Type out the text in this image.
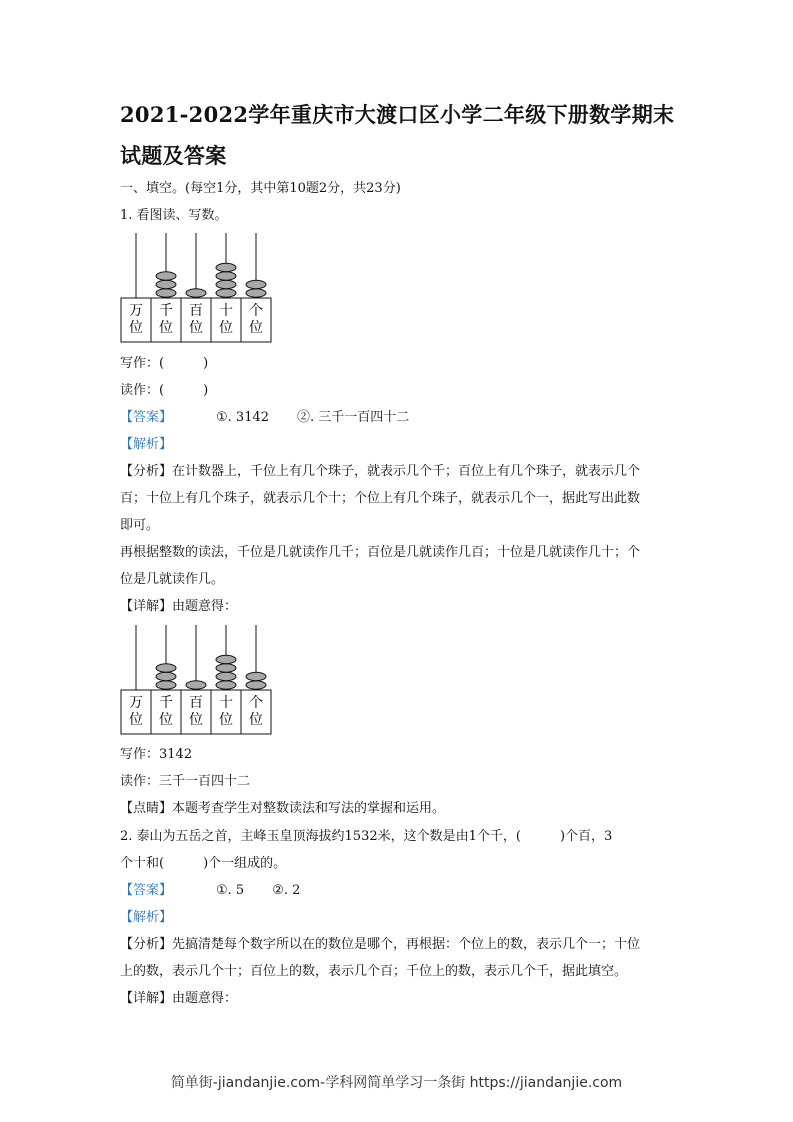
2021-2022学年重庆市大渡口区小学二年级下册数学期末试题及答案
一、填空。(每空1分，其中第10题2分，共23分)
1. 看图读、写数。
万
位
千
位
百
位
十
位
个
位
写作：(　　　)
读作：(　　　)
【答案】	①. 3142 ②. 三千一百四十二
【解析】
【分析】在计数器上，千位上有几个珠子，就表示几个千；百位上有几个珠子，就表示几个
百；十位上有几个珠子，就表示几个十；个位上有几个珠子，就表示几个一，据此写出此数
即可。
再根据整数的读法，千位是几就读作几千；百位是几就读作几百；十位是几就读作几十；个
位是几就读作几。
【详解】由题意得：
万
位
千
位
百
位
十
位
个
位
写作：3142
读作：三千一百四十二
【点睛】本题考查学生对整数读法和写法的掌握和运用。
2. 泰山为五岳之首，主峰玉皇顶海拔约1532米，这个数是由1个千，(　　　)个百，3
个十和(　　　)个一组成的。
【答案】	①. 5 ②. 2
【解析】
【分析】先搞清楚每个数字所以在的数位是哪个，再根据：个位上的数，表示几个一；十位
上的数，表示几个十；百位上的数，表示几个百；千位上的数，表示几个千，据此填空。
【详解】由题意得：
简单街-jiandanjie.com-学科网简单学习一条街 https://jiandanjie.com
